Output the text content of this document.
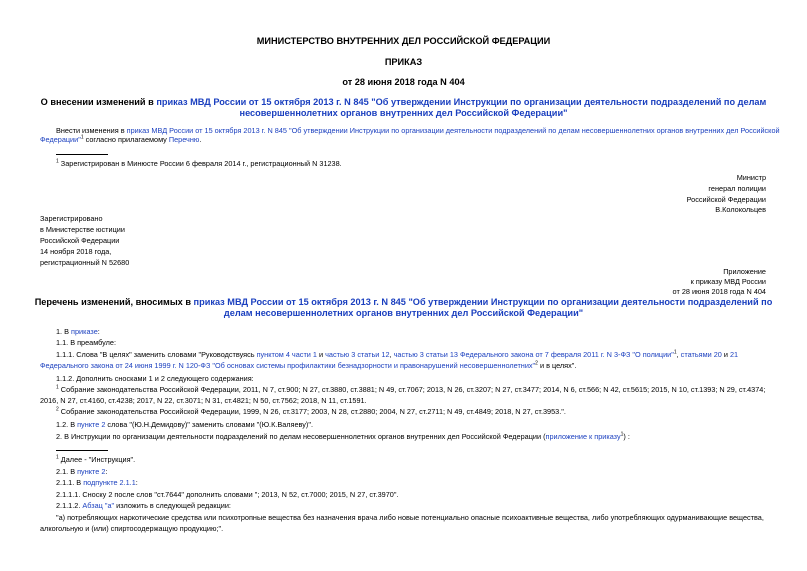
МИНИСТЕРСТВО ВНУТРЕННИХ ДЕЛ РОССИЙСКОЙ ФЕДЕРАЦИИ
ПРИКАЗ
от 28 июня 2018 года N 404
О внесении изменений в приказ МВД России от 15 октября 2013 г. N 845 "Об утверждении Инструкции по организации деятельности подразделений по делам
несовершеннолетних органов внутренних дел Российской Федерации"
Внести изменения в приказ МВД России от 15 октября 2013 г. N 845 "Об утверждении Инструкции по организации деятельности подразделений по делам несовершеннолетних органов внутренних дел Российской
Федерации"$^1$ согласно прилагаемому Перечню.
$^1$ Зарегистрирован в Минюсте России 6 февраля 2014 г., регистрационный N 31238.
Министр
генерал полиции
Российской Федерации
В.Колокольцев
Зарегистрировано
в Министерстве юстиции
Российской Федерации
14 ноября 2018 года,
регистрационный N 52680
Приложение
к приказу МВД России
от 28 июня 2018 года N 404
Перечень изменений, вносимых в приказ МВД России от 15 октября 2013 г. N 845 "Об утверждении Инструкции по организации деятельности подразделений по
делам несовершеннолетних органов внутренних дел Российской Федерации"
1. В приказе:
1.1. В преамбуле:
1.1.1. Слова "В целях" заменить словами "Руководствуясь пунктом 4 части 1 и частью 3 статьи 12, частью 3 статьи 13 Федерального закона от 7 февраля 2011 г. N 3-ФЗ "О полиции"$^1$, статьями 20 и 21
Федерального закона от 24 июня 1999 г. N 120-ФЗ "Об основах системы профилактики безнадзорности и правонарушений несовершеннолетних"$^2$ и в целях".
1.1.2. Дополнить сносками 1 и 2 следующего содержания:
$^1$ Собрание законодательства Российской Федерации, 2011, N 7, ст.900; N 27, ст.3880, ст.3881; N 49, ст.7067; 2013, N 26, ст.3207; N 27, ст.3477; 2014, N 6, ст.566; N 42, ст.5615; 2015, N 10, ст.1393; N 29, ст.4374;
2016, N 27, ст.4160, ст.4238; 2017, N 22, ст.3071; N 31, ст.4821; N 50, ст.7562; 2018, N 11, ст.1591.
$^2$ Собрание законодательства Российской Федерации, 1999, N 26, ст.3177; 2003, N 28, ст.2880; 2004, N 27, ст.2711; N 49, ст.4849; 2018, N 27, ст.3953.".
1.2. В пункте 2 слова "(Ю.Н.Демидову)" заменить словами "(Ю.К.Валяеву)".
2. В Инструкции по организации деятельности подразделений по делам несовершеннолетних органов внутренних дел Российской Федерации (приложение к приказу$^1$) :
$^1$ Далее - "Инструкция".
2.1. В пункте 2:
2.1.1. В подпункте 2.1.1:
2.1.1.1. Сноску 2 после слов "ст.7644" дополнить словами "; 2013, N 52, ст.7000; 2015, N 27, ст.3970".
2.1.1.2. Абзац "а" изложить в следующей редакции:
"а) потребляющих наркотические средства или психотропные вещества без назначения врача либо новые потенциально опасные психоактивные вещества, либо употребляющих одурманивающие вещества,
алкогольную и (или) спиртосодержащую продукцию;".
